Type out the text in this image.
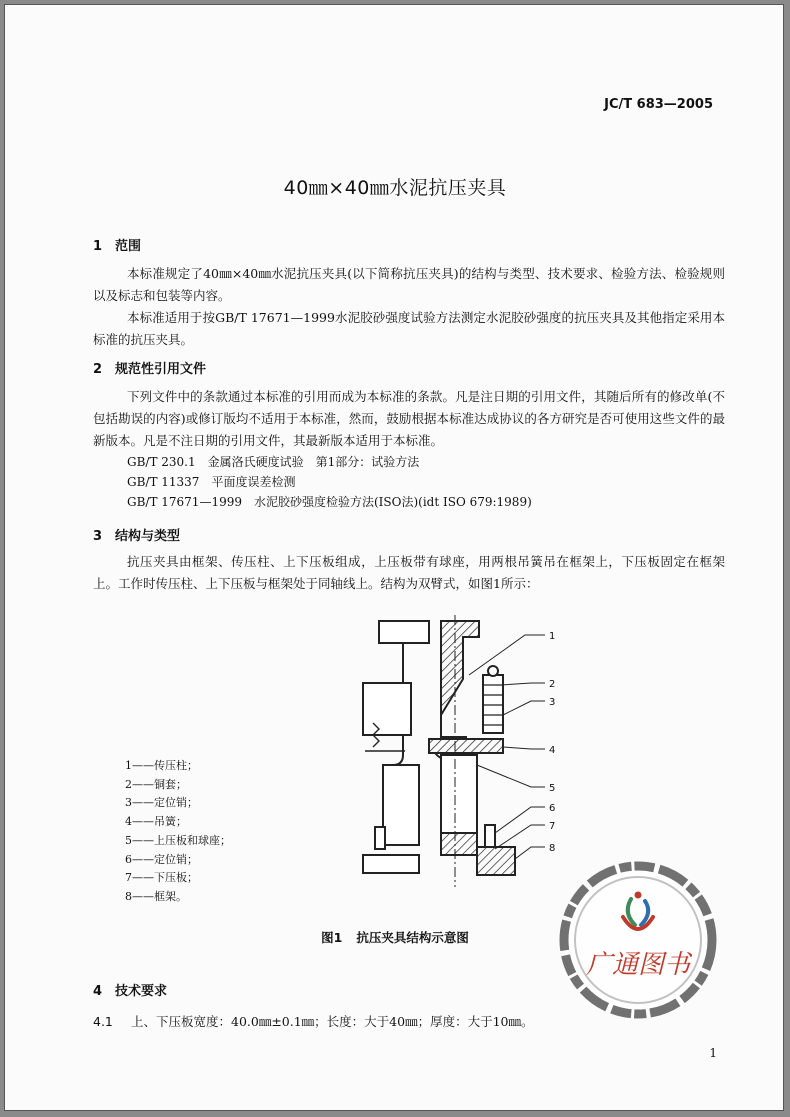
JC/T 683—2005
40㎜×40㎜水泥抗压夹具
1 范围
本标准规定了40㎜×40㎜水泥抗压夹具(以下简称抗压夹具)的结构与类型、技术要求、检验方法、检验规则以及标志和包装等内容。
本标准适用于按GB/T 17671—1999水泥胶砂强度试验方法测定水泥胶砂强度的抗压夹具及其他指定采用本标准的抗压夹具。
2 规范性引用文件
下列文件中的条款通过本标准的引用而成为本标准的条款。凡是注日期的引用文件，其随后所有的修改单(不包括勘误的内容)或修订版均不适用于本标准，然而，鼓励根据本标准达成协议的各方研究是否可使用这些文件的最新版本。凡是不注日期的引用文件，其最新版本适用于本标准。
GB/T 230.1　金属洛氏硬度试验　第1部分：试验方法
GB/T 11337　平面度误差检测
GB/T 17671—1999　水泥胶砂强度检验方法(ISO法)(idt ISO 679:1989)
3 结构与类型
抗压夹具由框架、传压柱、上下压板组成，上压板带有球座，用两根吊簧吊在框架上，下压板固定在框架上。工作时传压柱、上下压板与框架处于同轴线上。结构为双臂式，如图1所示：
1
2
3
4
5
6
7
8
1——传压柱；
2——铜套；
3——定位销；
4——吊簧；
5——上压板和球座；
6——定位销；
7——下压板；
8——框架。
图1 抗压夹具结构示意图
广通图书
4 技术要求
4.1 上、下压板宽度：40.0㎜±0.1㎜；长度：大于40㎜；厚度：大于10㎜。
1
